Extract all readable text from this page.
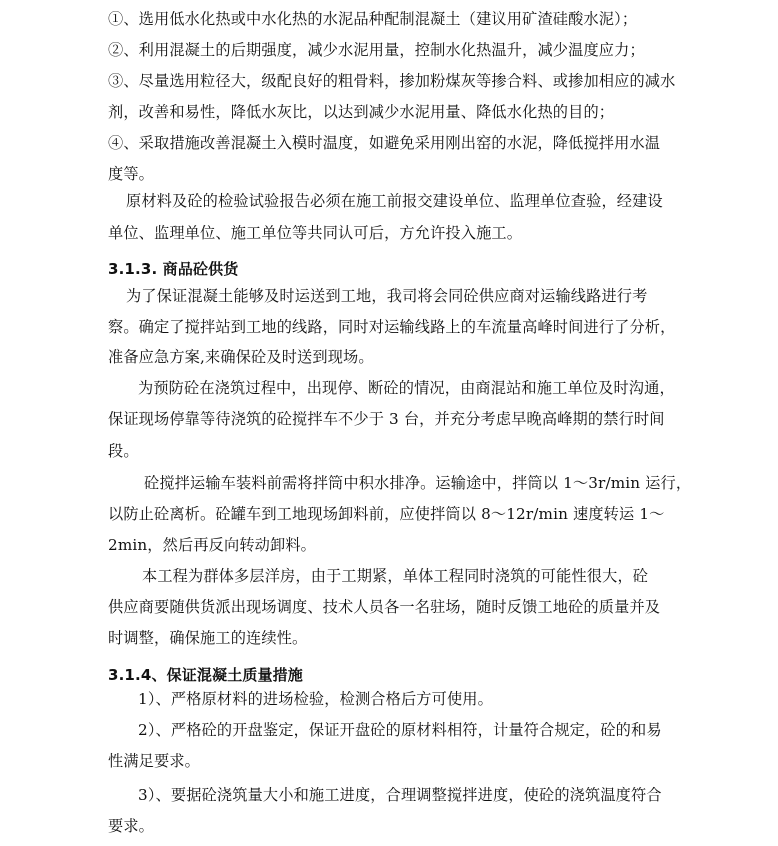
①、选用低水化热或中水化热的水泥品种配制混凝土（建议用矿渣硅酸水泥）；
②、利用混凝土的后期强度，减少水泥用量，控制水化热温升，减少温度应力；
③、尽量选用粒径大，级配良好的粗骨料，掺加粉煤灰等掺合料、或掺加相应的减水
剂，改善和易性，降低水灰比，以达到减少水泥用量、降低水化热的目的；
④、采取措施改善混凝土入模时温度，如避免采用刚出窑的水泥，降低搅拌用水温
度等。
原材料及砼的检验试验报告必须在施工前报交建设单位、监理单位查验，经建设
单位、监理单位、施工单位等共同认可后，方允许投入施工。
3.1.3. 商品砼供货
为了保证混凝土能够及时运送到工地，我司将会同砼供应商对运输线路进行考
察。确定了搅拌站到工地的线路，同时对运输线路上的车流量高峰时间进行了分析，
准备应急方案,来确保砼及时送到现场。
为预防砼在浇筑过程中，出现停、断砼的情况，由商混站和施工单位及时沟通，
保证现场停靠等待浇筑的砼搅拌车不少于 3 台，并充分考虑早晚高峰期的禁行时间
段。
砼搅拌运输车装料前需将拌筒中积水排净。运输途中，拌筒以 1～3r/min 运行，
以防止砼离析。砼罐车到工地现场卸料前，应使拌筒以 8～12r/min 速度转运 1～
2min，然后再反向转动卸料。
本工程为群体多层洋房，由于工期紧，单体工程同时浇筑的可能性很大，砼
供应商要随供货派出现场调度、技术人员各一名驻场，随时反馈工地砼的质量并及
时调整，确保施工的连续性。
3.1.4、保证混凝土质量措施
1）、严格原材料的进场检验，检测合格后方可使用。
2）、严格砼的开盘鉴定，保证开盘砼的原材料相符，计量符合规定，砼的和易
性满足要求。
3）、要据砼浇筑量大小和施工进度，合理调整搅拌进度，使砼的浇筑温度符合
要求。
